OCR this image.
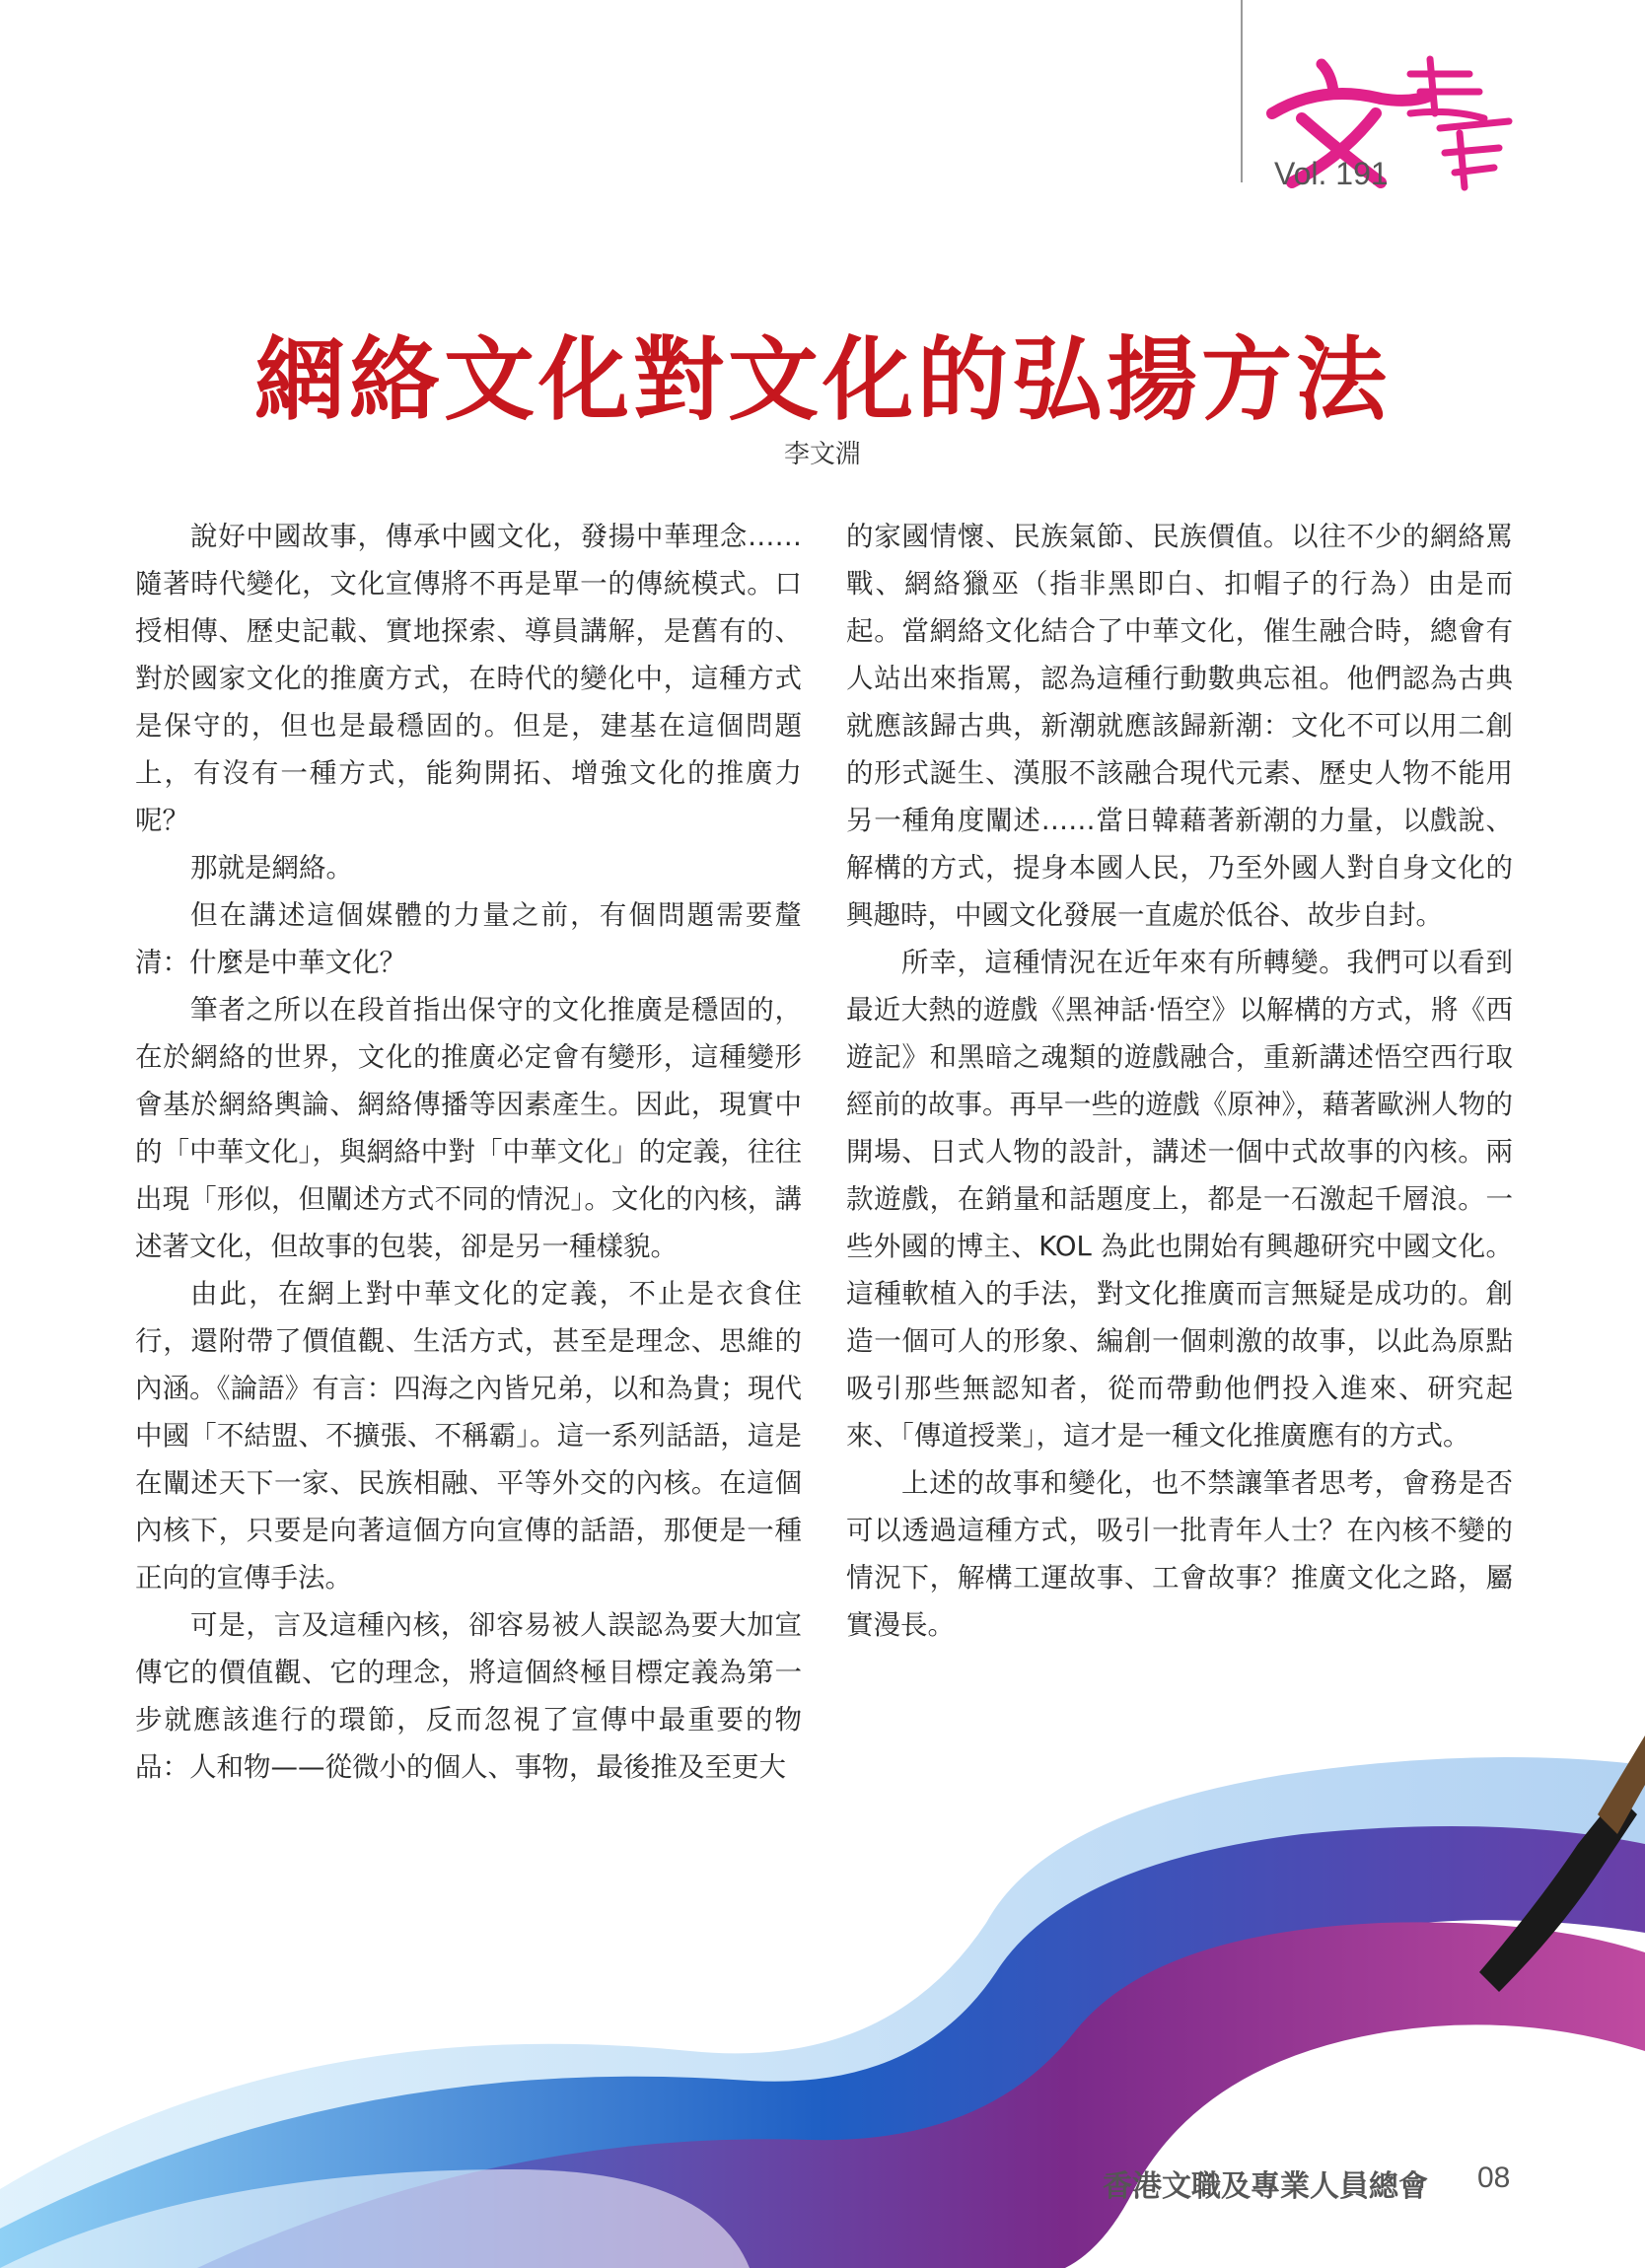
Vol. 191
網絡文化對文化的弘揚方法
李文淵

說好中國故事，傳承中國文化，發揚中華理念……隨著時代變化，文化宣傳將不再是單一的傳統模式。口授相傳、歷史記載、實地探索、導員講解，是舊有的、對於國家文化的推廣方式，在時代的變化中，這種方式是保守的，但也是最穩固的。但是，建基在這個問題上，有沒有一種方式，能夠開拓、增強文化的推廣力呢？

那就是網絡。

但在講述這個媒體的力量之前，有個問題需要釐清：什麼是中華文化？

筆者之所以在段首指出保守的文化推廣是穩固的，在於網絡的世界，文化的推廣必定會有變形，這種變形會基於網絡輿論、網絡傳播等因素產生。因此，現實中的「中華文化」，與網絡中對「中華文化」的定義，往往出現「形似，但闡述方式不同的情況」。文化的內核，講述著文化，但故事的包裝，卻是另一種樣貌。

由此，在網上對中華文化的定義，不止是衣食住行，還附帶了價值觀、生活方式，甚至是理念、思維的內涵。《論語》有言：四海之內皆兄弟，以和為貴；現代中國「不結盟、不擴張、不稱霸」。這一系列話語，這是在闡述天下一家、民族相融、平等外交的內核。在這個內核下，只要是向著這個方向宣傳的話語，那便是一種正向的宣傳手法。

可是，言及這種內核，卻容易被人誤認為要大加宣傳它的價值觀、它的理念，將這個終極目標定義為第一步就應該進行的環節，反而忽視了宣傳中最重要的物品：人和物——從微小的個人、事物，最後推及至更大

的家國情懷、民族氣節、民族價值。以往不少的網絡罵戰、網絡獵巫（指非黑即白、扣帽子的行為）由是而起。當網絡文化結合了中華文化，催生融合時，總會有人站出來指罵，認為這種行動數典忘祖。他們認為古典就應該歸古典，新潮就應該歸新潮：文化不可以用二創的形式誕生、漢服不該融合現代元素、歷史人物不能用另一種角度闡述……當日韓藉著新潮的力量，以戲說、解構的方式，提身本國人民，乃至外國人對自身文化的興趣時，中國文化發展一直處於低谷、故步自封。

所幸，這種情況在近年來有所轉變。我們可以看到最近大熱的遊戲《黑神話·悟空》以解構的方式，將《西遊記》和黑暗之魂類的遊戲融合，重新講述悟空西行取經前的故事。再早一些的遊戲《原神》，藉著歐洲人物的開場、日式人物的設計，講述一個中式故事的內核。兩款遊戲，在銷量和話題度上，都是一石激起千層浪。一些外國的博主、KOL 為此也開始有興趣研究中國文化。這種軟植入的手法，對文化推廣而言無疑是成功的。創造一個可人的形象、編創一個刺激的故事，以此為原點吸引那些無認知者，從而帶動他們投入進來、研究起來、「傳道授業」，這才是一種文化推廣應有的方式。

上述的故事和變化，也不禁讓筆者思考，會務是否可以透過這種方式，吸引一批青年人士？在內核不變的情況下，解構工運故事、工會故事？推廣文化之路，屬實漫長。

香港文職及專業人員總會 08
